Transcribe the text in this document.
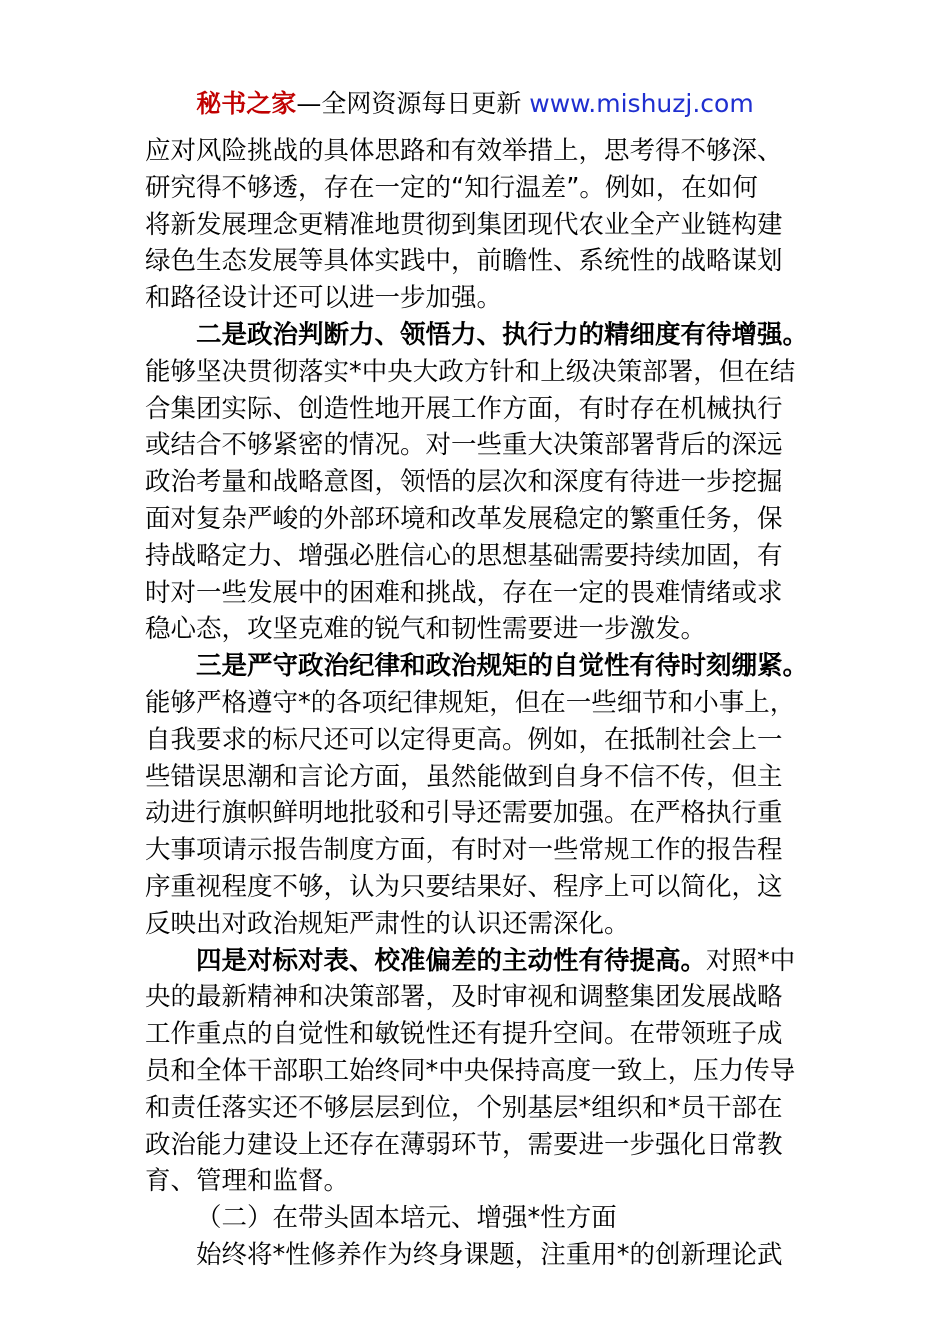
秘书之家—全网资源每日更新 www.mishuzj.com
应对风险挑战的具体思路和有效举措上，思考得不够深、
研究得不够透，存在一定的“知行温差”。例如，在如何
将新发展理念更精准地贯彻到集团现代农业全产业链构建
绿色生态发展等具体实践中，前瞻性、系统性的战略谋划
和路径设计还可以进一步加强。
二是政治判断力、领悟力、执行力的精细度有待增强。
能够坚决贯彻落实*中央大政方针和上级决策部署，但在结
合集团实际、创造性地开展工作方面，有时存在机械执行
或结合不够紧密的情况。对一些重大决策部署背后的深远
政治考量和战略意图，领悟的层次和深度有待进一步挖掘
面对复杂严峻的外部环境和改革发展稳定的繁重任务，保
持战略定力、增强必胜信心的思想基础需要持续加固，有
时对一些发展中的困难和挑战，存在一定的畏难情绪或求
稳心态，攻坚克难的锐气和韧性需要进一步激发。
三是严守政治纪律和政治规矩的自觉性有待时刻绷紧。
能够严格遵守*的各项纪律规矩，但在一些细节和小事上，
自我要求的标尺还可以定得更高。例如，在抵制社会上一
些错误思潮和言论方面，虽然能做到自身不信不传，但主
动进行旗帜鲜明地批驳和引导还需要加强。在严格执行重
大事项请示报告制度方面，有时对一些常规工作的报告程
序重视程度不够，认为只要结果好、程序上可以简化，这
反映出对政治规矩严肃性的认识还需深化。
四是对标对表、校准偏差的主动性有待提高。对照*中
央的最新精神和决策部署，及时审视和调整集团发展战略
工作重点的自觉性和敏锐性还有提升空间。在带领班子成
员和全体干部职工始终同*中央保持高度一致上，压力传导
和责任落实还不够层层到位，个别基层*组织和*员干部在
政治能力建设上还存在薄弱环节，需要进一步强化日常教
育、管理和监督。
（二）在带头固本培元、增强*性方面
始终将*性修养作为终身课题，注重用*的创新理论武
